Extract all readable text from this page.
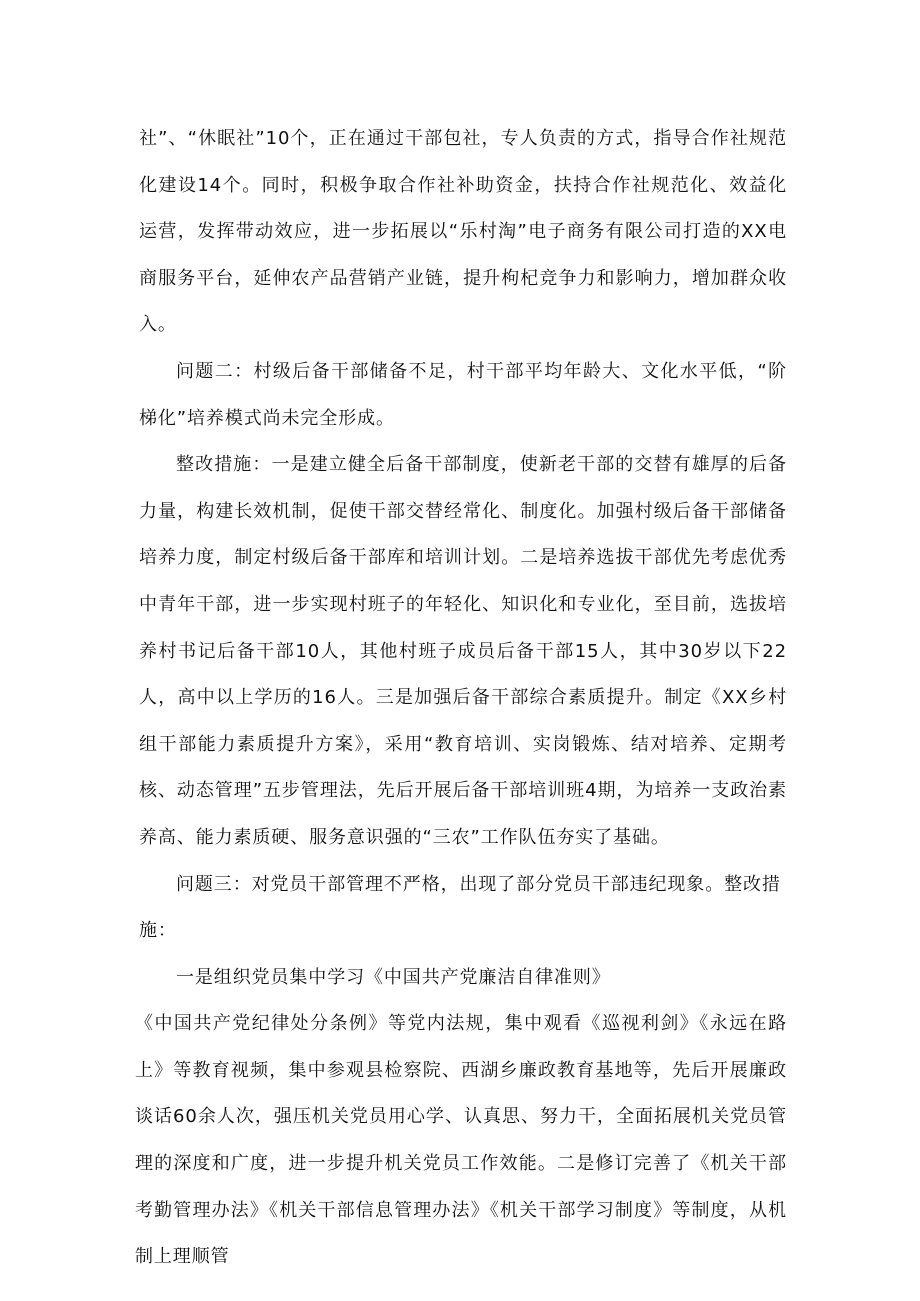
社”、“休眠社”10个，正在通过干部包社，专人负责的方式，指导合作社规范化建设14个。同时，积极争取合作社补助资金，扶持合作社规范化、效益化运营，发挥带动效应，进一步拓展以“乐村淘”电子商务有限公司打造的XX电商服务平台，延伸农产品营销产业链，提升枸杞竞争力和影响力，增加群众收入。

问题二：村级后备干部储备不足，村干部平均年龄大、文化水平低，“阶梯化”培养模式尚未完全形成。

整改措施：一是建立健全后备干部制度，使新老干部的交替有雄厚的后备力量，构建长效机制，促使干部交替经常化、制度化。加强村级后备干部储备培养力度，制定村级后备干部库和培训计划。二是培养选拔干部优先考虑优秀中青年干部，进一步实现村班子的年轻化、知识化和专业化，至目前，选拔培养村书记后备干部10人，其他村班子成员后备干部15人，其中30岁以下22人，高中以上学历的16人。三是加强后备干部综合素质提升。制定《XX乡村组干部能力素质提升方案》，采用“教育培训、实岗锻炼、结对培养、定期考核、动态管理”五步管理法，先后开展后备干部培训班4期，为培养一支政治素养高、能力素质硬、服务意识强的“三农”工作队伍夯实了基础。

问题三：对党员干部管理不严格，出现了部分党员干部违纪现象。整改措施：

一是组织党员集中学习《中国共产党廉洁自律准则》

《中国共产党纪律处分条例》等党内法规，集中观看《巡视利剑》《永远在路上》等教育视频，集中参观县检察院、西湖乡廉政教育基地等，先后开展廉政谈话60余人次，强压机关党员用心学、认真思、努力干，全面拓展机关党员管理的深度和广度，进一步提升机关党员工作效能。二是修订完善了《机关干部考勤管理办法》《机关干部信息管理办法》《机关干部学习制度》等制度，从机制上理顺管
